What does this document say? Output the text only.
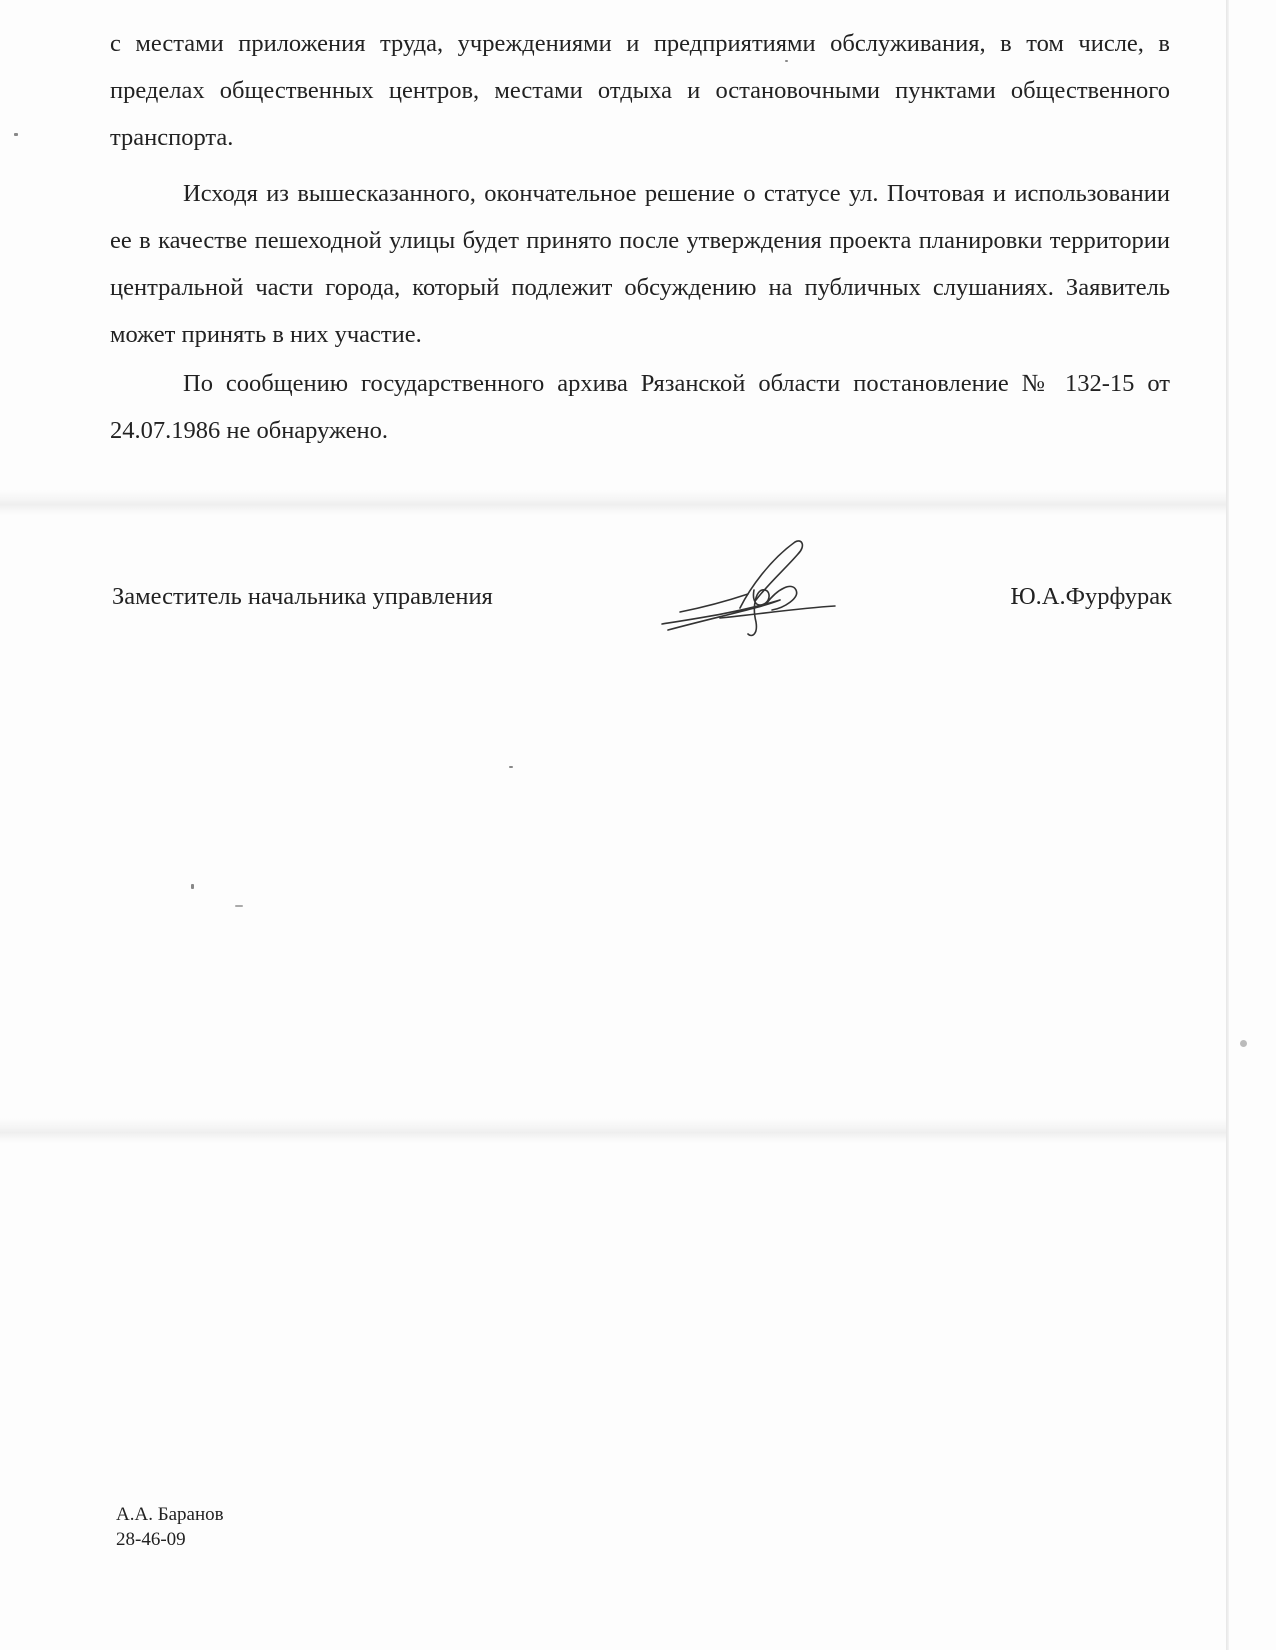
с местами приложения труда, учреждениями и предприятиями обслуживания, в том числе, в пределах общественных центров, местами отдыха и остановочными пунктами общественного транспорта.

Исходя из вышесказанного, окончательное решение о статусе ул. Почтовая и использовании ее в качестве пешеходной улицы будет принято после утверждения проекта планировки территории центральной части города, который подлежит обсуждению на публичных слушаниях. Заявитель может принять в них участие.

По сообщению государственного архива Рязанской области постановление № 132-15 от 24.07.1986 не обнаружено.

Заместитель начальника управления	Ю.А.Фурфурак
А.А. Баранов
28-46-09
